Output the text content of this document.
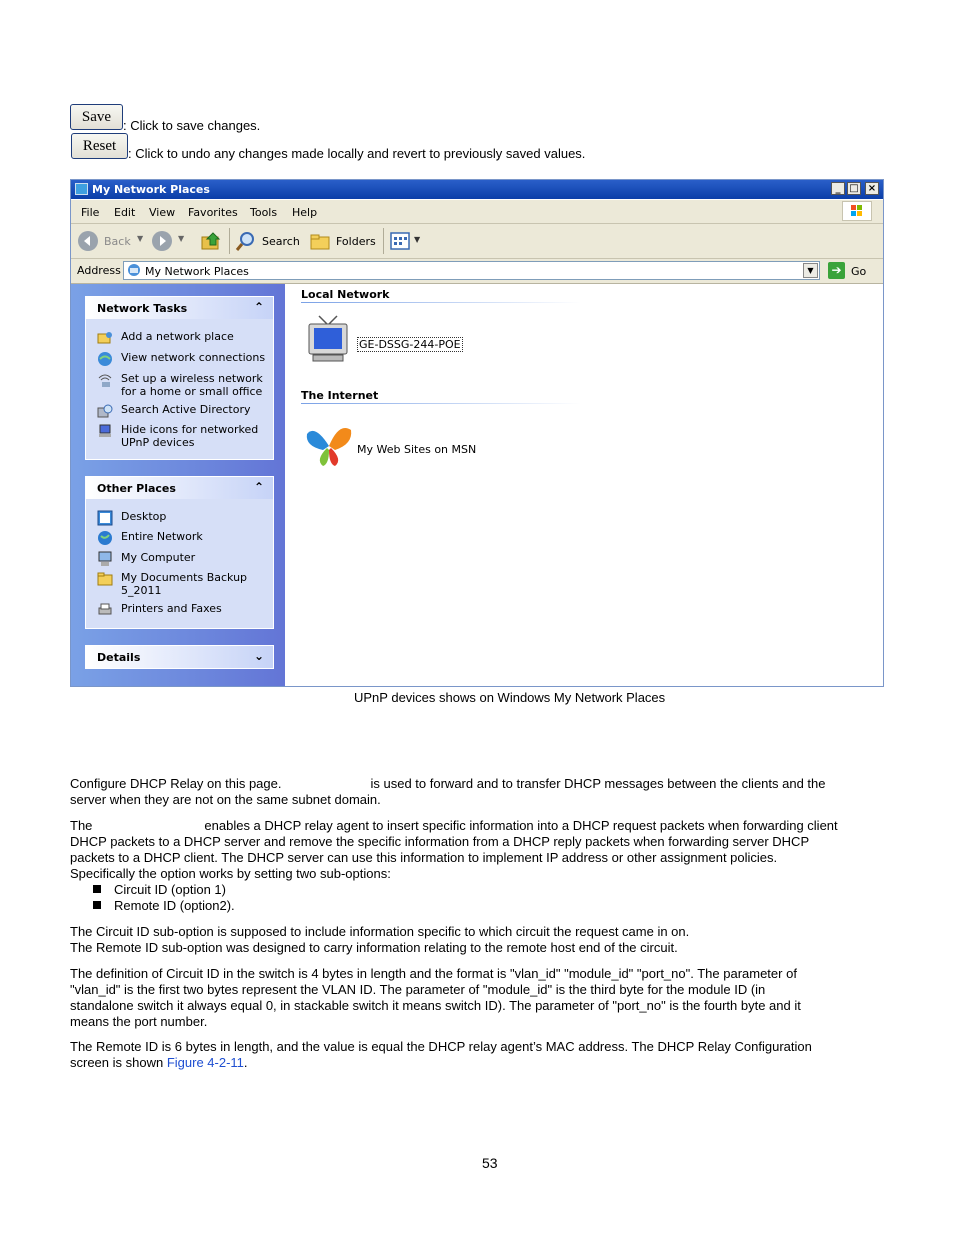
Save
: Click to save changes.
Reset : Click to undo any changes made locally and revert to previously saved values.
My Network Places	_ □ ×
File Edit View Favorites Tools Help
Back ▼	▼	Search	Folders	▼
Address My Network Places	▼	➔ Go
Network Tasks	⌃
Add a network place
View network connections
Set up a wireless network
for a home or small office
Search Active Directory
Hide icons for networked
UPnP devices
Other Places	⌃
Desktop
Entire Network
My Computer
My Documents Backup
5_2011
Printers and Faxes
Details	⌄
Local Network
GE-DSSG-244-POE
The Internet
My Web Sites on MSN
UPnP devices shows on Windows My Network Places
Configure DHCP Relay on this page.	is used to forward and to transfer DHCP messages between the clients and the
server when they are not on the same subnet domain.
The	enables a DHCP relay agent to insert specific information into a DHCP request packets when forwarding client
DHCP packets to a DHCP server and remove the specific information from a DHCP reply packets when forwarding server DHCP
packets to a DHCP client. The DHCP server can use this information to implement IP address or other assignment policies.
Specifically the option works by setting two sub-options:
Circuit ID (option 1)
Remote ID (option2).
The Circuit ID sub-option is supposed to include information specific to which circuit the request came in on.
The Remote ID sub-option was designed to carry information relating to the remote host end of the circuit.
The definition of Circuit ID in the switch is 4 bytes in length and the format is "vlan_id" "module_id" "port_no". The parameter of
"vlan_id" is the first two bytes represent the VLAN ID. The parameter of "module_id" is the third byte for the module ID (in
standalone switch it always equal 0, in stackable switch it means switch ID). The parameter of "port_no" is the fourth byte and it
means the port number.
The Remote ID is 6 bytes in length, and the value is equal the DHCP relay agent’s MAC address. The DHCP Relay Configuration
screen is shown Figure 4-2-11.
53
